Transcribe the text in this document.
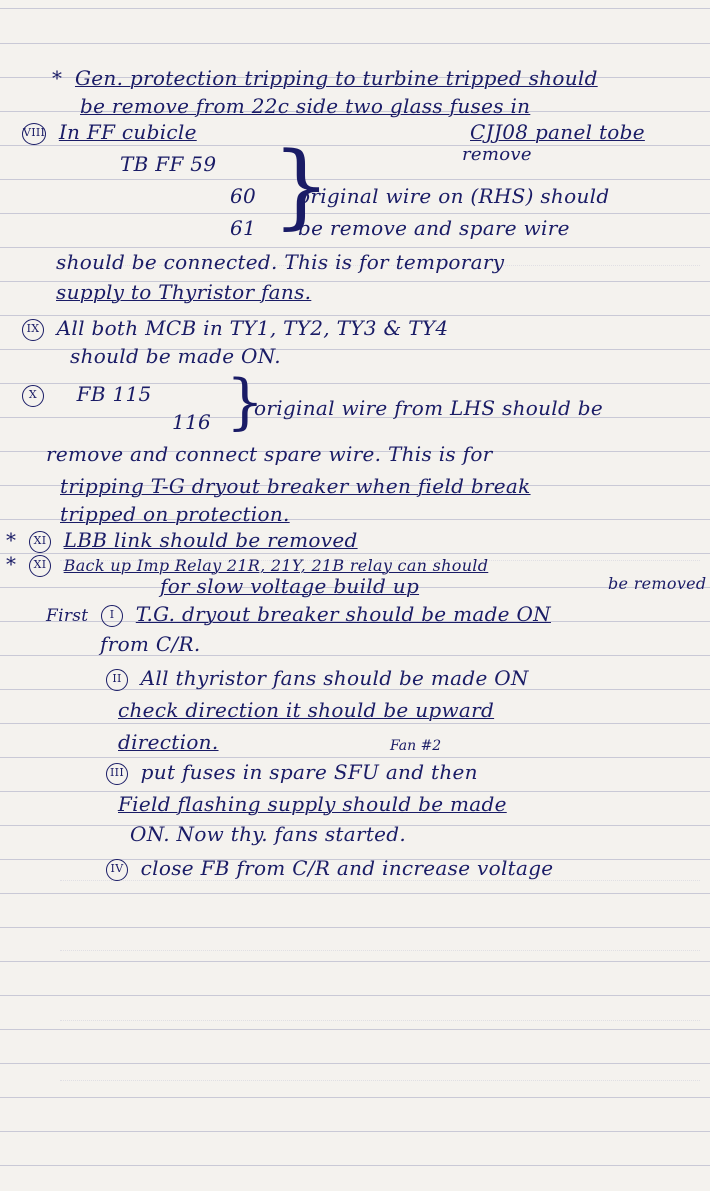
* Gen. protection tripping to turbine tripped should
be remove from 22c side two glass fuses in
VIII In FF cubicle	CJJ08 panel tobe
remove
TB FF 59
60
61 }
original wire on (RHS) should
be remove and spare wire
should be connected. This is for temporary
supply to Thyristor fans.
IX All both MCB in TY1, TY2, TY3 & TY4
should be made ON.
X FB 115
116 }
original wire from LHS should be
remove and connect spare wire. This is for
tripping T-G dryout breaker when field break
tripped on protection.
* XI LBB link should be removed
* XI Back up Imp Relay 21R, 21Y, 21B relay can should
for slow voltage build up	be removed
First I T.G. dryout breaker should be made ON
from C/R.
II All thyristor fans should be made ON
check direction it should be upward
direction.	Fan #2
III put fuses in spare SFU and then
Field flashing supply should be made
ON. Now thy. fans started.
IV close FB from C/R and increase voltage
